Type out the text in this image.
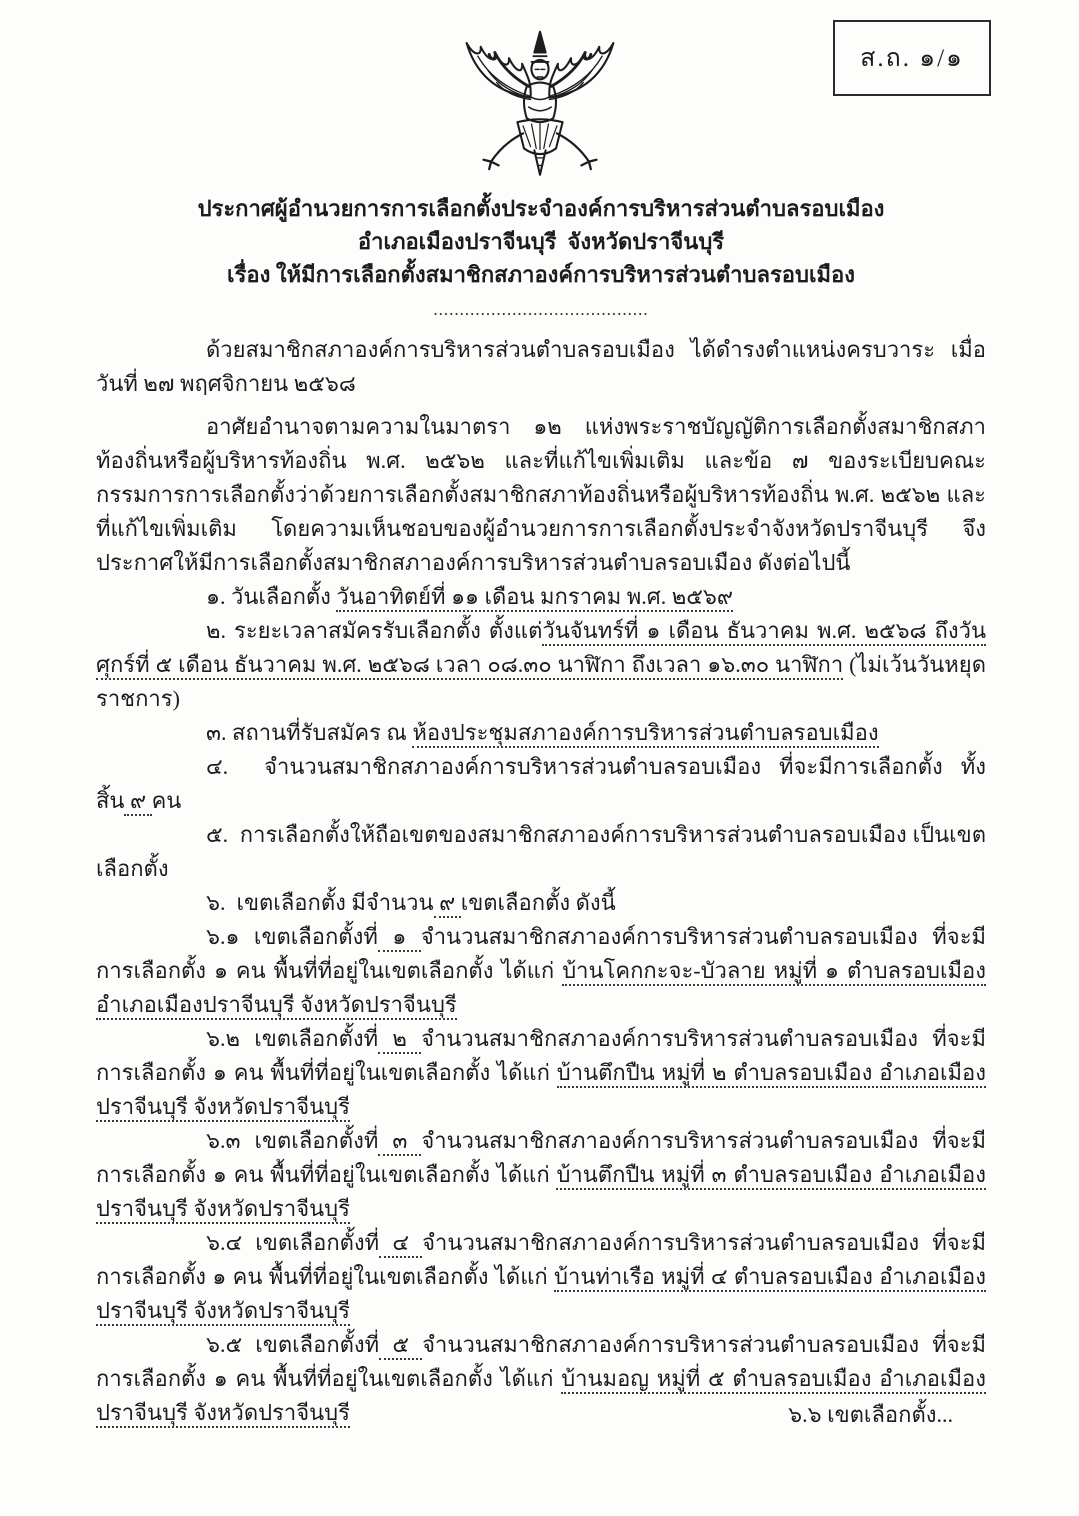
ส.ถ. ๑/๑

ประกาศผู้อำนวยการการเลือกตั้งประจำองค์การบริหารส่วนตำบลรอบเมือง

อำเภอเมืองปราจีนบุรี  จังหวัดปราจีนบุรี

เรื่อง ให้มีการเลือกตั้งสมาชิกสภาองค์การบริหารส่วนตำบลรอบเมือง

.........................................

ด้วยสมาชิกสภาองค์การบริหารส่วนตำบลรอบเมือง ได้ดำรงตำแหน่งครบวาระ เมื่อวันที่ ๒๗ พฤศจิกายน ๒๕๖๘

อาศัยอำนาจตามความในมาตรา ๑๒ แห่งพระราชบัญญัติการเลือกตั้งสมาชิกสภาท้องถิ่นหรือผู้บริหารท้องถิ่น พ.ศ. ๒๕๖๒ และที่แก้ไขเพิ่มเติม และข้อ ๗ ของระเบียบคณะกรรมการการเลือกตั้งว่าด้วยการเลือกตั้งสมาชิกสภาท้องถิ่นหรือผู้บริหารท้องถิ่น พ.ศ. ๒๕๖๒ และที่แก้ไขเพิ่มเติม โดยความเห็นชอบของผู้อำนวยการการเลือกตั้งประจำจังหวัดปราจีนบุรี จึงประกาศให้มีการเลือกตั้งสมาชิกสภาองค์การบริหารส่วนตำบลรอบเมือง ดังต่อไปนี้

๑. วันเลือกตั้ง วันอาทิตย์ที่ ๑๑ เดือน มกราคม พ.ศ. ๒๕๖๙

๒. ระยะเวลาสมัครรับเลือกตั้ง ตั้งแต่วันจันทร์ที่ ๑ เดือน ธันวาคม พ.ศ. ๒๕๖๘ ถึงวันศุกร์ที่ ๕ เดือน ธันวาคม พ.ศ. ๒๕๖๘ เวลา ๐๘.๓๐ นาฬิกา ถึงเวลา ๑๖.๓๐ นาฬิกา (ไม่เว้นวันหยุดราชการ)

๓. สถานที่รับสมัคร ณ ห้องประชุมสภาองค์การบริหารส่วนตำบลรอบเมือง

๔.  จำนวนสมาชิกสภาองค์การบริหารส่วนตำบลรอบเมือง ที่จะมีการเลือกตั้ง ทั้งสิ้น ๙ คน

๕.  การเลือกตั้งให้ถือเขตของสมาชิกสภาองค์การบริหารส่วนตำบลรอบเมือง เป็นเขตเลือกตั้ง

๖.  เขตเลือกตั้ง มีจำนวน ๙ เขตเลือกตั้ง ดังนี้

๖.๑ เขตเลือกตั้งที่ ๑ จำนวนสมาชิกสภาองค์การบริหารส่วนตำบลรอบเมือง ที่จะมีการเลือกตั้ง ๑ คน พื้นที่ที่อยู่ในเขตเลือกตั้ง ได้แก่ บ้านโคกกะจะ-บัวลาย หมู่ที่ ๑ ตำบลรอบเมือง อำเภอเมืองปราจีนบุรี จังหวัดปราจีนบุรี

๖.๒ เขตเลือกตั้งที่ ๒ จำนวนสมาชิกสภาองค์การบริหารส่วนตำบลรอบเมือง ที่จะมีการเลือกตั้ง ๑ คน พื้นที่ที่อยู่ในเขตเลือกตั้ง ได้แก่ บ้านตึกปืน หมู่ที่ ๒ ตำบลรอบเมือง อำเภอเมืองปราจีนบุรี จังหวัดปราจีนบุรี

๖.๓ เขตเลือกตั้งที่ ๓ จำนวนสมาชิกสภาองค์การบริหารส่วนตำบลรอบเมือง ที่จะมีการเลือกตั้ง ๑ คน พื้นที่ที่อยู่ในเขตเลือกตั้ง ได้แก่ บ้านตึกปืน หมู่ที่ ๓ ตำบลรอบเมือง อำเภอเมืองปราจีนบุรี จังหวัดปราจีนบุรี

๖.๔ เขตเลือกตั้งที่ ๔ จำนวนสมาชิกสภาองค์การบริหารส่วนตำบลรอบเมือง ที่จะมีการเลือกตั้ง ๑ คน พื้นที่ที่อยู่ในเขตเลือกตั้ง ได้แก่ บ้านท่าเรือ หมู่ที่ ๔ ตำบลรอบเมือง อำเภอเมืองปราจีนบุรี จังหวัดปราจีนบุรี

๖.๕ เขตเลือกตั้งที่ ๕ จำนวนสมาชิกสภาองค์การบริหารส่วนตำบลรอบเมือง ที่จะมีการเลือกตั้ง ๑ คน พื้นที่ที่อยู่ในเขตเลือกตั้ง ได้แก่ บ้านมอญ หมู่ที่ ๕ ตำบลรอบเมือง อำเภอเมืองปราจีนบุรี จังหวัดปราจีนบุรี	๖.๖ เขตเลือกตั้ง...
